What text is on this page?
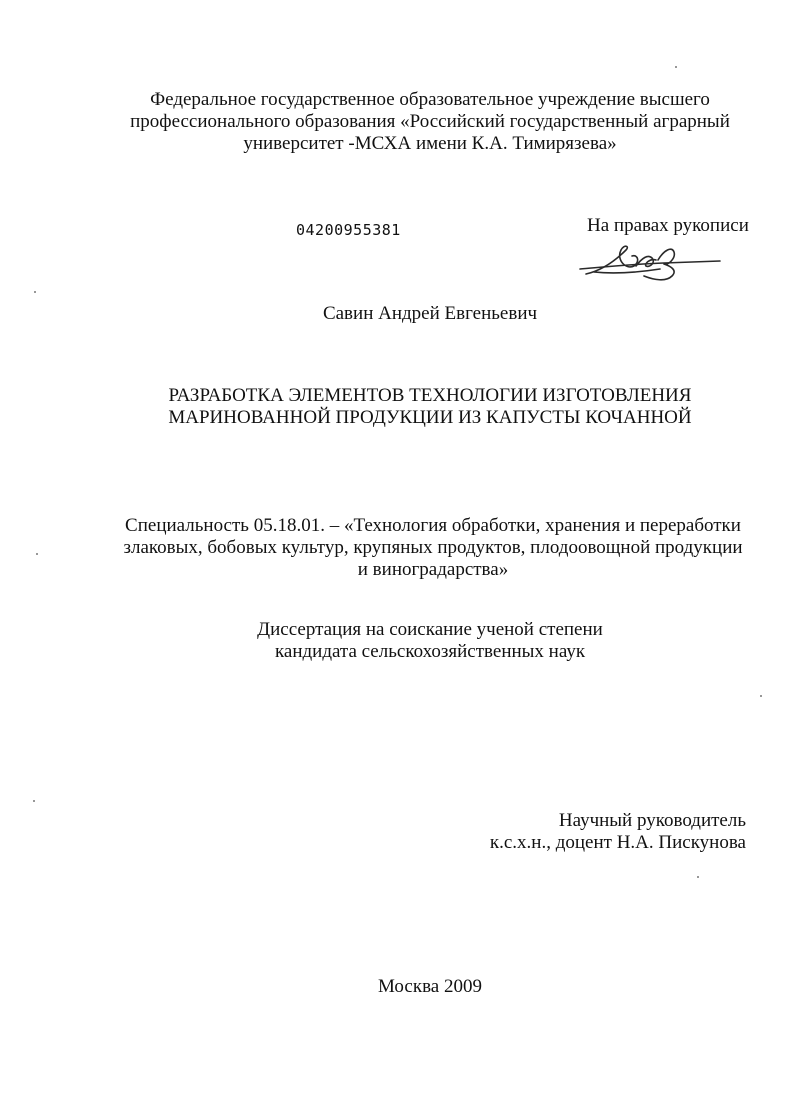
Федеральное государственное образовательное учреждение высшего
профессионального образования «Российский государственный аграрный
университет -МСХА имени К.А. Тимирязева»
04200955381	На правах рукописи
Савин Андрей Евгеньевич
РАЗРАБОТКА ЭЛЕМЕНТОВ ТЕХНОЛОГИИ ИЗГОТОВЛЕНИЯ
МАРИНОВАННОЙ ПРОДУКЦИИ ИЗ КАПУСТЫ КОЧАННОЙ
Специальность 05.18.01. – «Технология обработки, хранения и переработки
злаковых, бобовых культур, крупяных продуктов, плодоовощной продукции
и виноградарства»
Диссертация на соискание ученой степени
кандидата сельскохозяйственных наук
Научный руководитель
к.с.х.н., доцент Н.А. Пискунова
Москва 2009
